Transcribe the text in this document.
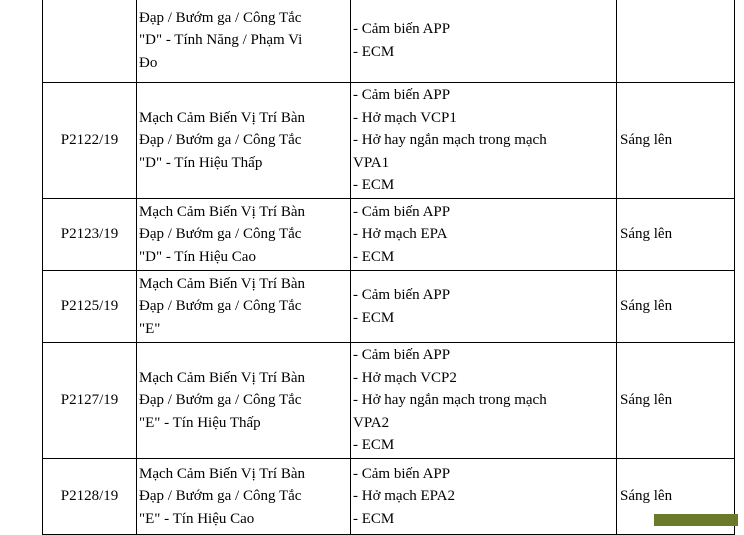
	Đạp / Bướm ga / Công Tắc
"D" - Tính Năng / Phạm Vi
Đo	- Cảm biến APP
- ECM	

P2122/19	Mạch Cảm Biến Vị Trí Bàn
Đạp / Bướm ga / Công Tắc
"D" - Tín Hiệu Thấp	- Cảm biến APP
- Hở mạch VCP1
- Hở hay ngắn mạch trong mạch
VPA1
- ECM	Sáng lên
P2123/19	Mạch Cảm Biến Vị Trí Bàn
Đạp / Bướm ga / Công Tắc
"D" - Tín Hiệu Cao	- Cảm biến APP
- Hở mạch EPA
- ECM	Sáng lên
P2125/19	Mạch Cảm Biến Vị Trí Bàn
Đạp / Bướm ga / Công Tắc
"E"	- Cảm biến APP
- ECM	Sáng lên
P2127/19	Mạch Cảm Biến Vị Trí Bàn
Đạp / Bướm ga / Công Tắc
"E" - Tín Hiệu Thấp	- Cảm biến APP
- Hở mạch VCP2
- Hở hay ngắn mạch trong mạch
VPA2
- ECM	Sáng lên
P2128/19	Mạch Cảm Biến Vị Trí Bàn
Đạp / Bướm ga / Công Tắc
"E" - Tín Hiệu Cao	- Cảm biến APP
- Hở mạch EPA2
- ECM	Sáng lên
